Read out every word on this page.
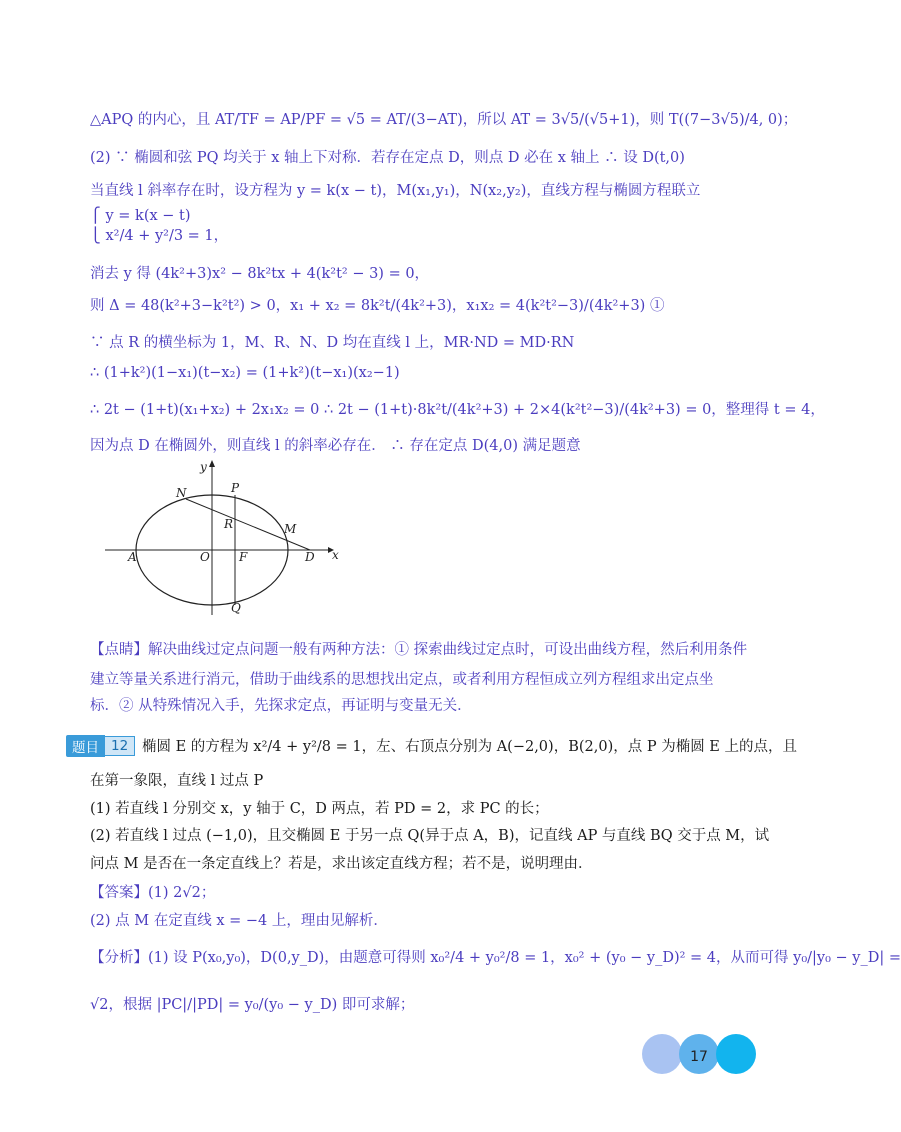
△APQ 的内心，且 AT/TF = AP/PF = √5 = AT/(3−AT)，所以 AT = 3√5/(√5+1)，则 T((7−3√5)/4, 0)；
(2) ∵ 椭圆和弦 PQ 均关于 x 轴上下对称．若存在定点 D，则点 D 必在 x 轴上 ∴ 设 D(t,0)
当直线 l 斜率存在时，设方程为 y = k(x − t)，M(x₁,y₁)，N(x₂,y₂)，直线方程与椭圆方程联立
⎧ y = k(x − t)
⎩ x²/4 + y²/3 = 1，
消去 y 得 (4k²+3)x² − 8k²tx + 4(k²t² − 3) = 0，
则 Δ = 48(k²+3−k²t²) > 0，x₁ + x₂ = 8k²t/(4k²+3)，x₁x₂ = 4(k²t²−3)/(4k²+3) ①
∵ 点 R 的横坐标为 1，M、R、N、D 均在直线 l 上，MR·ND = MD·RN
∴ (1+k²)(1−x₁)(t−x₂) = (1+k²)(t−x₁)(x₂−1)
∴ 2t − (1+t)(x₁+x₂) + 2x₁x₂ = 0 ∴ 2t − (1+t)·8k²t/(4k²+3) + 2×4(k²t²−3)/(4k²+3) = 0，整理得 t = 4，
因为点 D 在椭圆外，则直线 l 的斜率必存在． ∴ 存在定点 D(4,0) 满足题意
y
x
N	P
R	M
A	O F	D
Q
【点睛】解决曲线过定点问题一般有两种方法：① 探索曲线过定点时，可设出曲线方程，然后利用条件
建立等量关系进行消元，借助于曲线系的思想找出定点，或者利用方程恒成立列方程组求出定点坐
标．② 从特殊情况入手，先探求定点，再证明与变量无关．
题目 12 椭圆 E 的方程为 x²/4 + y²/8 = 1，左、右顶点分别为 A(−2,0)，B(2,0)，点 P 为椭圆 E 上的点，且
在第一象限，直线 l 过点 P
(1) 若直线 l 分别交 x，y 轴于 C，D 两点，若 PD = 2，求 PC 的长；
(2) 若直线 l 过点 (−1,0)，且交椭圆 E 于另一点 Q(异于点 A，B)，记直线 AP 与直线 BQ 交于点 M，试
问点 M 是否在一条定直线上？若是，求出该定直线方程；若不是，说明理由．
【答案】(1) 2√2；
(2) 点 M 在定直线 x = −4 上，理由见解析．
【分析】(1) 设 P(x₀,y₀)，D(0,y_D)，由题意可得则 x₀²/4 + y₀²/8 = 1，x₀² + (y₀ − y_D)² = 4，从而可得 y₀/|y₀ − y_D| =
√2，根据 |PC|/|PD| = y₀/(y₀ − y_D) 即可求解；
17
